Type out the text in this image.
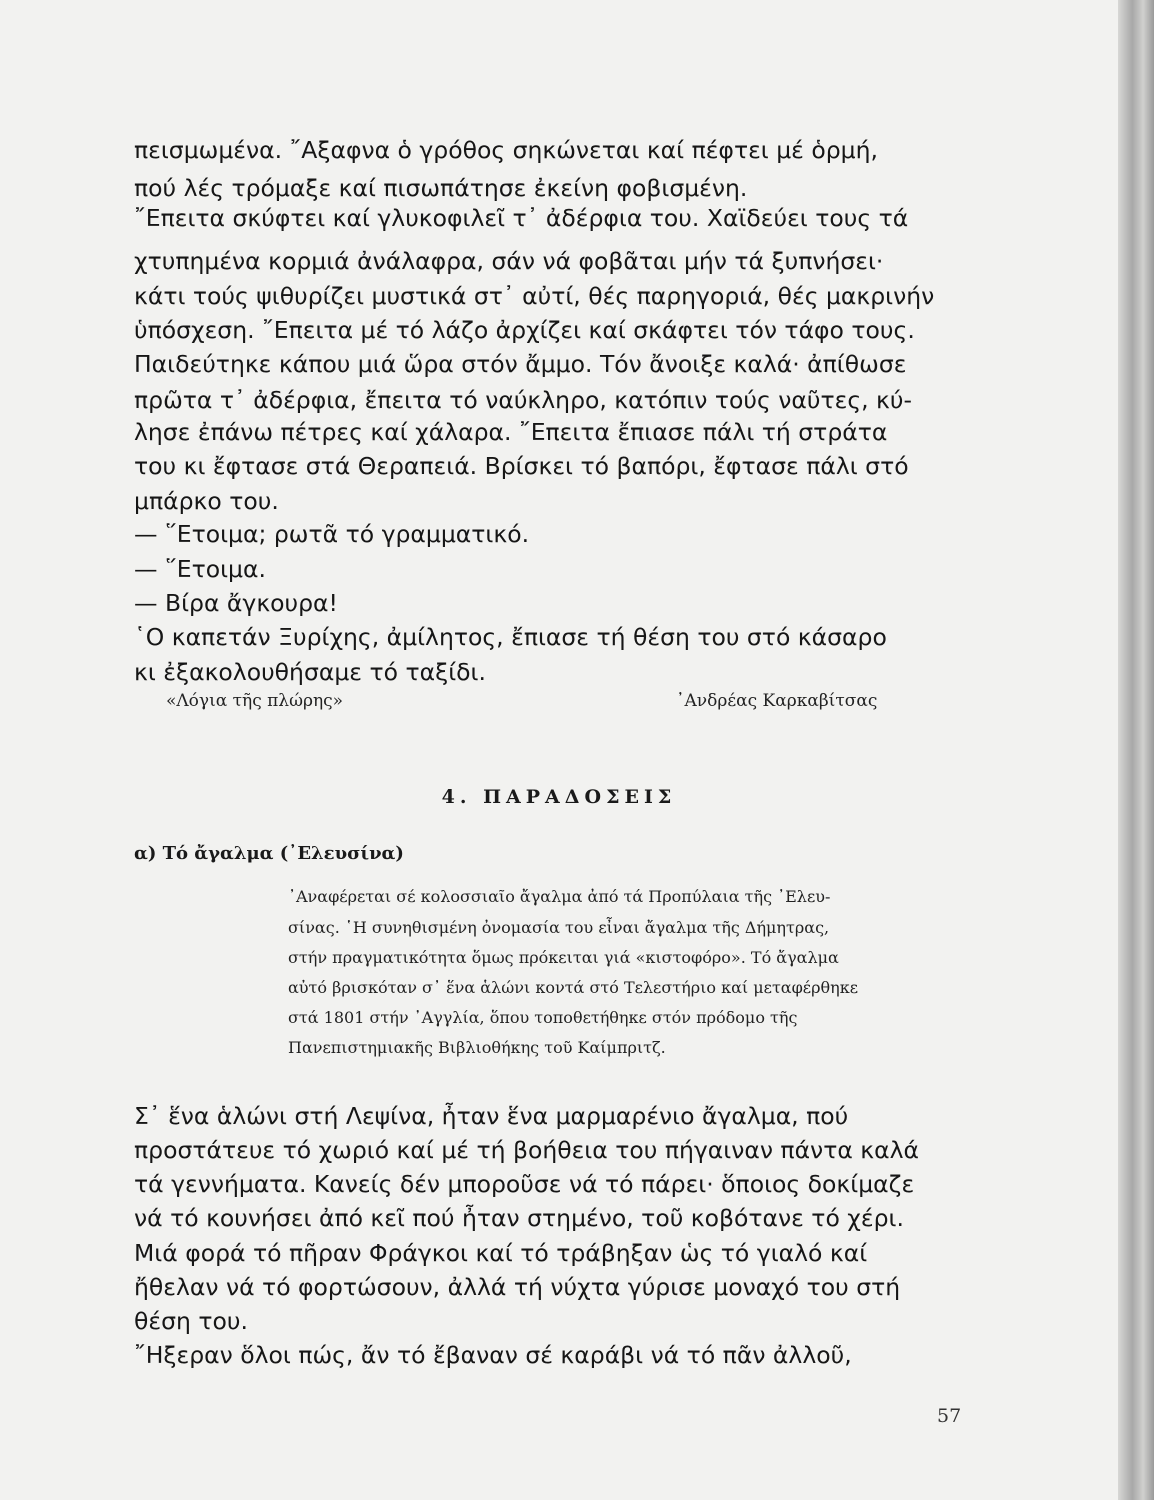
πεισμωμένα. ῎Αξαφνα ὁ γρόθος σηκώνεται καί πέφτει μέ ὁρμή,
πού λές τρόμαξε καί πισωπάτησε ἐκείνη φοβισμένη.
῎Επειτα σκύφτει καί γλυκοφιλεῖ τ᾽ ἀδέρφια του. Χαϊδεύει τους τά
χτυπημένα κορμιά ἀνάλαφρα, σάν νά φοβᾶται μήν τά ξυπνήσει·
κάτι τούς ψιθυρίζει μυστικά στ᾽ αὐτί, θές παρηγοριά, θές μακρινήν
ὑπόσχεση. ῎Επειτα μέ τό λάζο ἀρχίζει καί σκάφτει τόν τάφο τους.
Παιδεύτηκε κάπου μιά ὥρα στόν ἄμμο. Τόν ἄνοιξε καλά· ἀπίθωσε
πρῶτα τ᾽ ἀδέρφια, ἔπειτα τό ναύκληρο, κατόπιν τούς ναῦτες, κύ-
λησε ἐπάνω πέτρες καί χάλαρα. ῎Επειτα ἔπιασε πάλι τή στράτα
του κι ἔφτασε στά Θεραπειά. Βρίσκει τό βαπόρι, ἔφτασε πάλι στό
μπάρκο του.
— ῞Ετοιμα; ρωτᾶ τό γραμματικό.
— ῞Ετοιμα.
— Βίρα ἄγκουρα!
῾Ο καπετάν Ξυρίχης, ἀμίλητος, ἔπιασε τή θέση του στό κάσαρο
κι ἐξακολουθήσαμε τό ταξίδι.
«Λόγια τῆς πλώρης»	᾽Ανδρέας Καρκαβίτσας
4. ΠΑΡΑΔΟΣΕΙΣ
α) Τό ἄγαλμα (᾽Ελευσίνα)
᾽Αναφέρεται σέ κολοσσιαῖο ἄγαλμα ἀπό τά Προπύλαια τῆς ᾽Ελευ-
σίνας. ῾Η συνηθισμένη ὀνομασία του εἶναι ἄγαλμα τῆς Δήμητρας,
στήν πραγματικότητα ὅμως πρόκειται γιά «κιστοφόρο». Τό ἄγαλμα
αὐτό βρισκόταν σ᾽ ἕνα ἁλώνι κοντά στό Τελεστήριο καί μεταφέρθηκε
στά 1801 στήν ᾽Αγγλία, ὅπου τοποθετήθηκε στόν πρόδομο τῆς
Πανεπιστημιακῆς Βιβλιοθήκης τοῦ Καίμπριτζ.
Σ᾽ ἕνα ἁλώνι στή Λεψίνα, ἦταν ἕνα μαρμαρένιο ἄγαλμα, πού
προστάτευε τό χωριό καί μέ τή βοήθεια του πήγαιναν πάντα καλά
τά γεννήματα. Κανείς δέν μποροῦσε νά τό πάρει· ὅποιος δοκίμαζε
νά τό κουνήσει ἀπό κεῖ πού ἦταν στημένο, τοῦ κοβότανε τό χέρι.
Μιά φορά τό πῆραν Φράγκοι καί τό τράβηξαν ὡς τό γιαλό καί
ἤθελαν νά τό φορτώσουν, ἀλλά τή νύχτα γύρισε μοναχό του στή
θέση του.
῎Ηξεραν ὅλοι πώς, ἄν τό ἔβαναν σέ καράβι νά τό πᾶν ἀλλοῦ,
57
